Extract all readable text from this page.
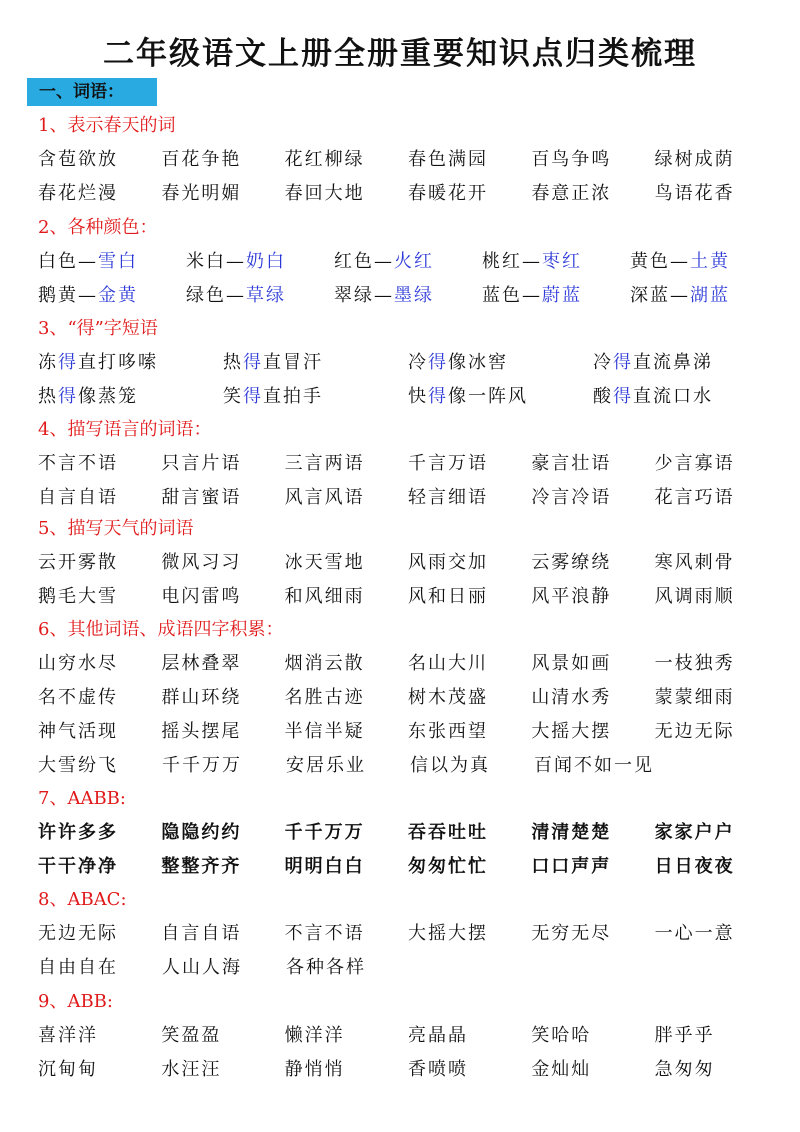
二年级语文上册全册重要知识点归类梳理
一、词语：
1、表示春天的词
含苞欲放	百花争艳	花红柳绿	春色满园	百鸟争鸣	绿树成荫
春花烂漫	春光明媚	春回大地	春暖花开	春意正浓	鸟语花香
2、各种颜色：
白色—雪白	米白—奶白	红色—火红	桃红—枣红	黄色—土黄
鹅黄—金黄	绿色—草绿	翠绿—墨绿	蓝色—蔚蓝	深蓝—湖蓝
3、“得”字短语
冻得直打哆嗦	热得直冒汗	冷得像冰窖	冷得直流鼻涕
热得像蒸笼	笑得直拍手	快得像一阵风	酸得直流口水
4、描写语言的词语：
不言不语	只言片语	三言两语	千言万语	豪言壮语	少言寡语
自言自语	甜言蜜语	风言风语	轻言细语	冷言冷语	花言巧语
5、描写天气的词语
云开雾散	微风习习	冰天雪地	风雨交加	云雾缭绕	寒风刺骨
鹅毛大雪	电闪雷鸣	和风细雨	风和日丽	风平浪静	风调雨顺
6、其他词语、成语四字积累：
山穷水尽	层林叠翠	烟消云散	名山大川	风景如画	一枝独秀
名不虚传	群山环绕	名胜古迹	树木茂盛	山清水秀	蒙蒙细雨
神气活现	摇头摆尾	半信半疑	东张西望	大摇大摆	无边无际
大雪纷飞	千千万万	安居乐业	信以为真	百闻不如一见
7、AABB:
许许多多	隐隐约约	千千万万	吞吞吐吐	清清楚楚	家家户户
干干净净	整整齐齐	明明白白	匆匆忙忙	口口声声	日日夜夜
8、ABAC:
无边无际	自言自语	不言不语	大摇大摆	无穷无尽	一心一意
自由自在	人山人海	各种各样
9、ABB:
喜洋洋	笑盈盈	懒洋洋	亮晶晶	笑哈哈	胖乎乎
沉甸甸	水汪汪	静悄悄	香喷喷	金灿灿	急匆匆
